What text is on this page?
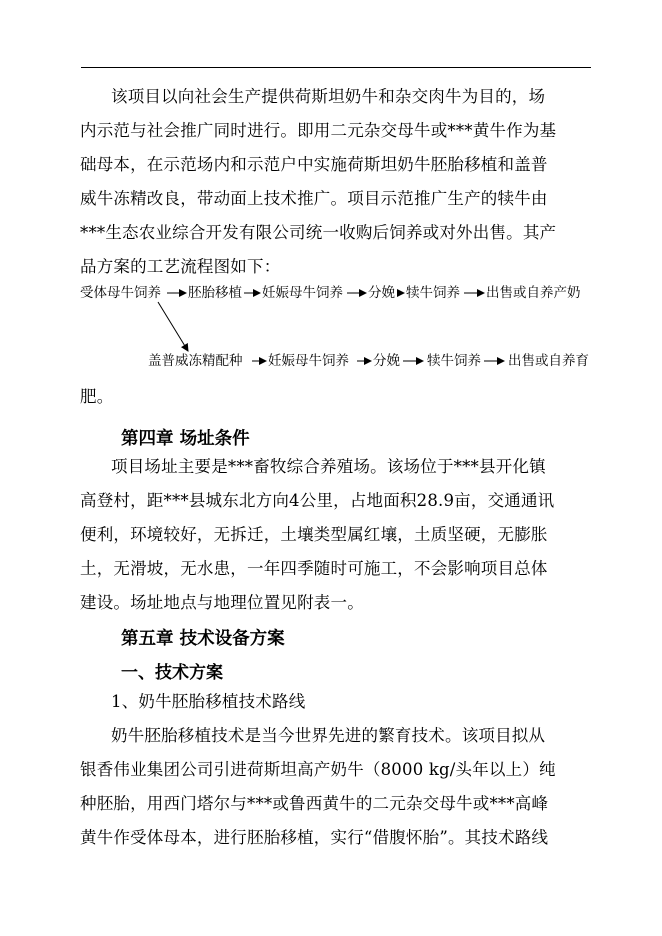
该项目以向社会生产提供荷斯坦奶牛和杂交肉牛为目的，场
内示范与社会推广同时进行。即用二元杂交母牛或***黄牛作为基
础母本，在示范场内和示范户中实施荷斯坦奶牛胚胎移植和盖普
威牛冻精改良，带动面上技术推广。项目示范推广生产的犊牛由
***生态农业综合开发有限公司统一收购后饲养或对外出售。其产
品方案的工艺流程图如下：
受体母牛饲养 胚胎移植 妊娠母牛饲养 分娩 犊牛饲养 出售或自养产奶
盖普威冻精配种 妊娠母牛饲养 分娩 犊牛饲养 出售或自养育
肥。
第四章 场址条件
项目场址主要是***畜牧综合养殖场。该场位于***县开化镇
高登村，距***县城东北方向4公里，占地面积28.9亩，交通通讯
便利，环境较好，无拆迁，土壤类型属红壤，土质坚硬，无膨胀
土，无滑坡，无水患，一年四季随时可施工，不会影响项目总体
建设。场址地点与地理位置见附表一。
第五章 技术设备方案
一、技术方案
1、奶牛胚胎移植技术路线
奶牛胚胎移植技术是当今世界先进的繁育技术。该项目拟从
银香伟业集团公司引进荷斯坦高产奶牛（8000 kg/头年以上）纯
种胚胎，用西门塔尔与***或鲁西黄牛的二元杂交母牛或***高峰
黄牛作受体母本，进行胚胎移植，实行“借腹怀胎”。其技术路线
